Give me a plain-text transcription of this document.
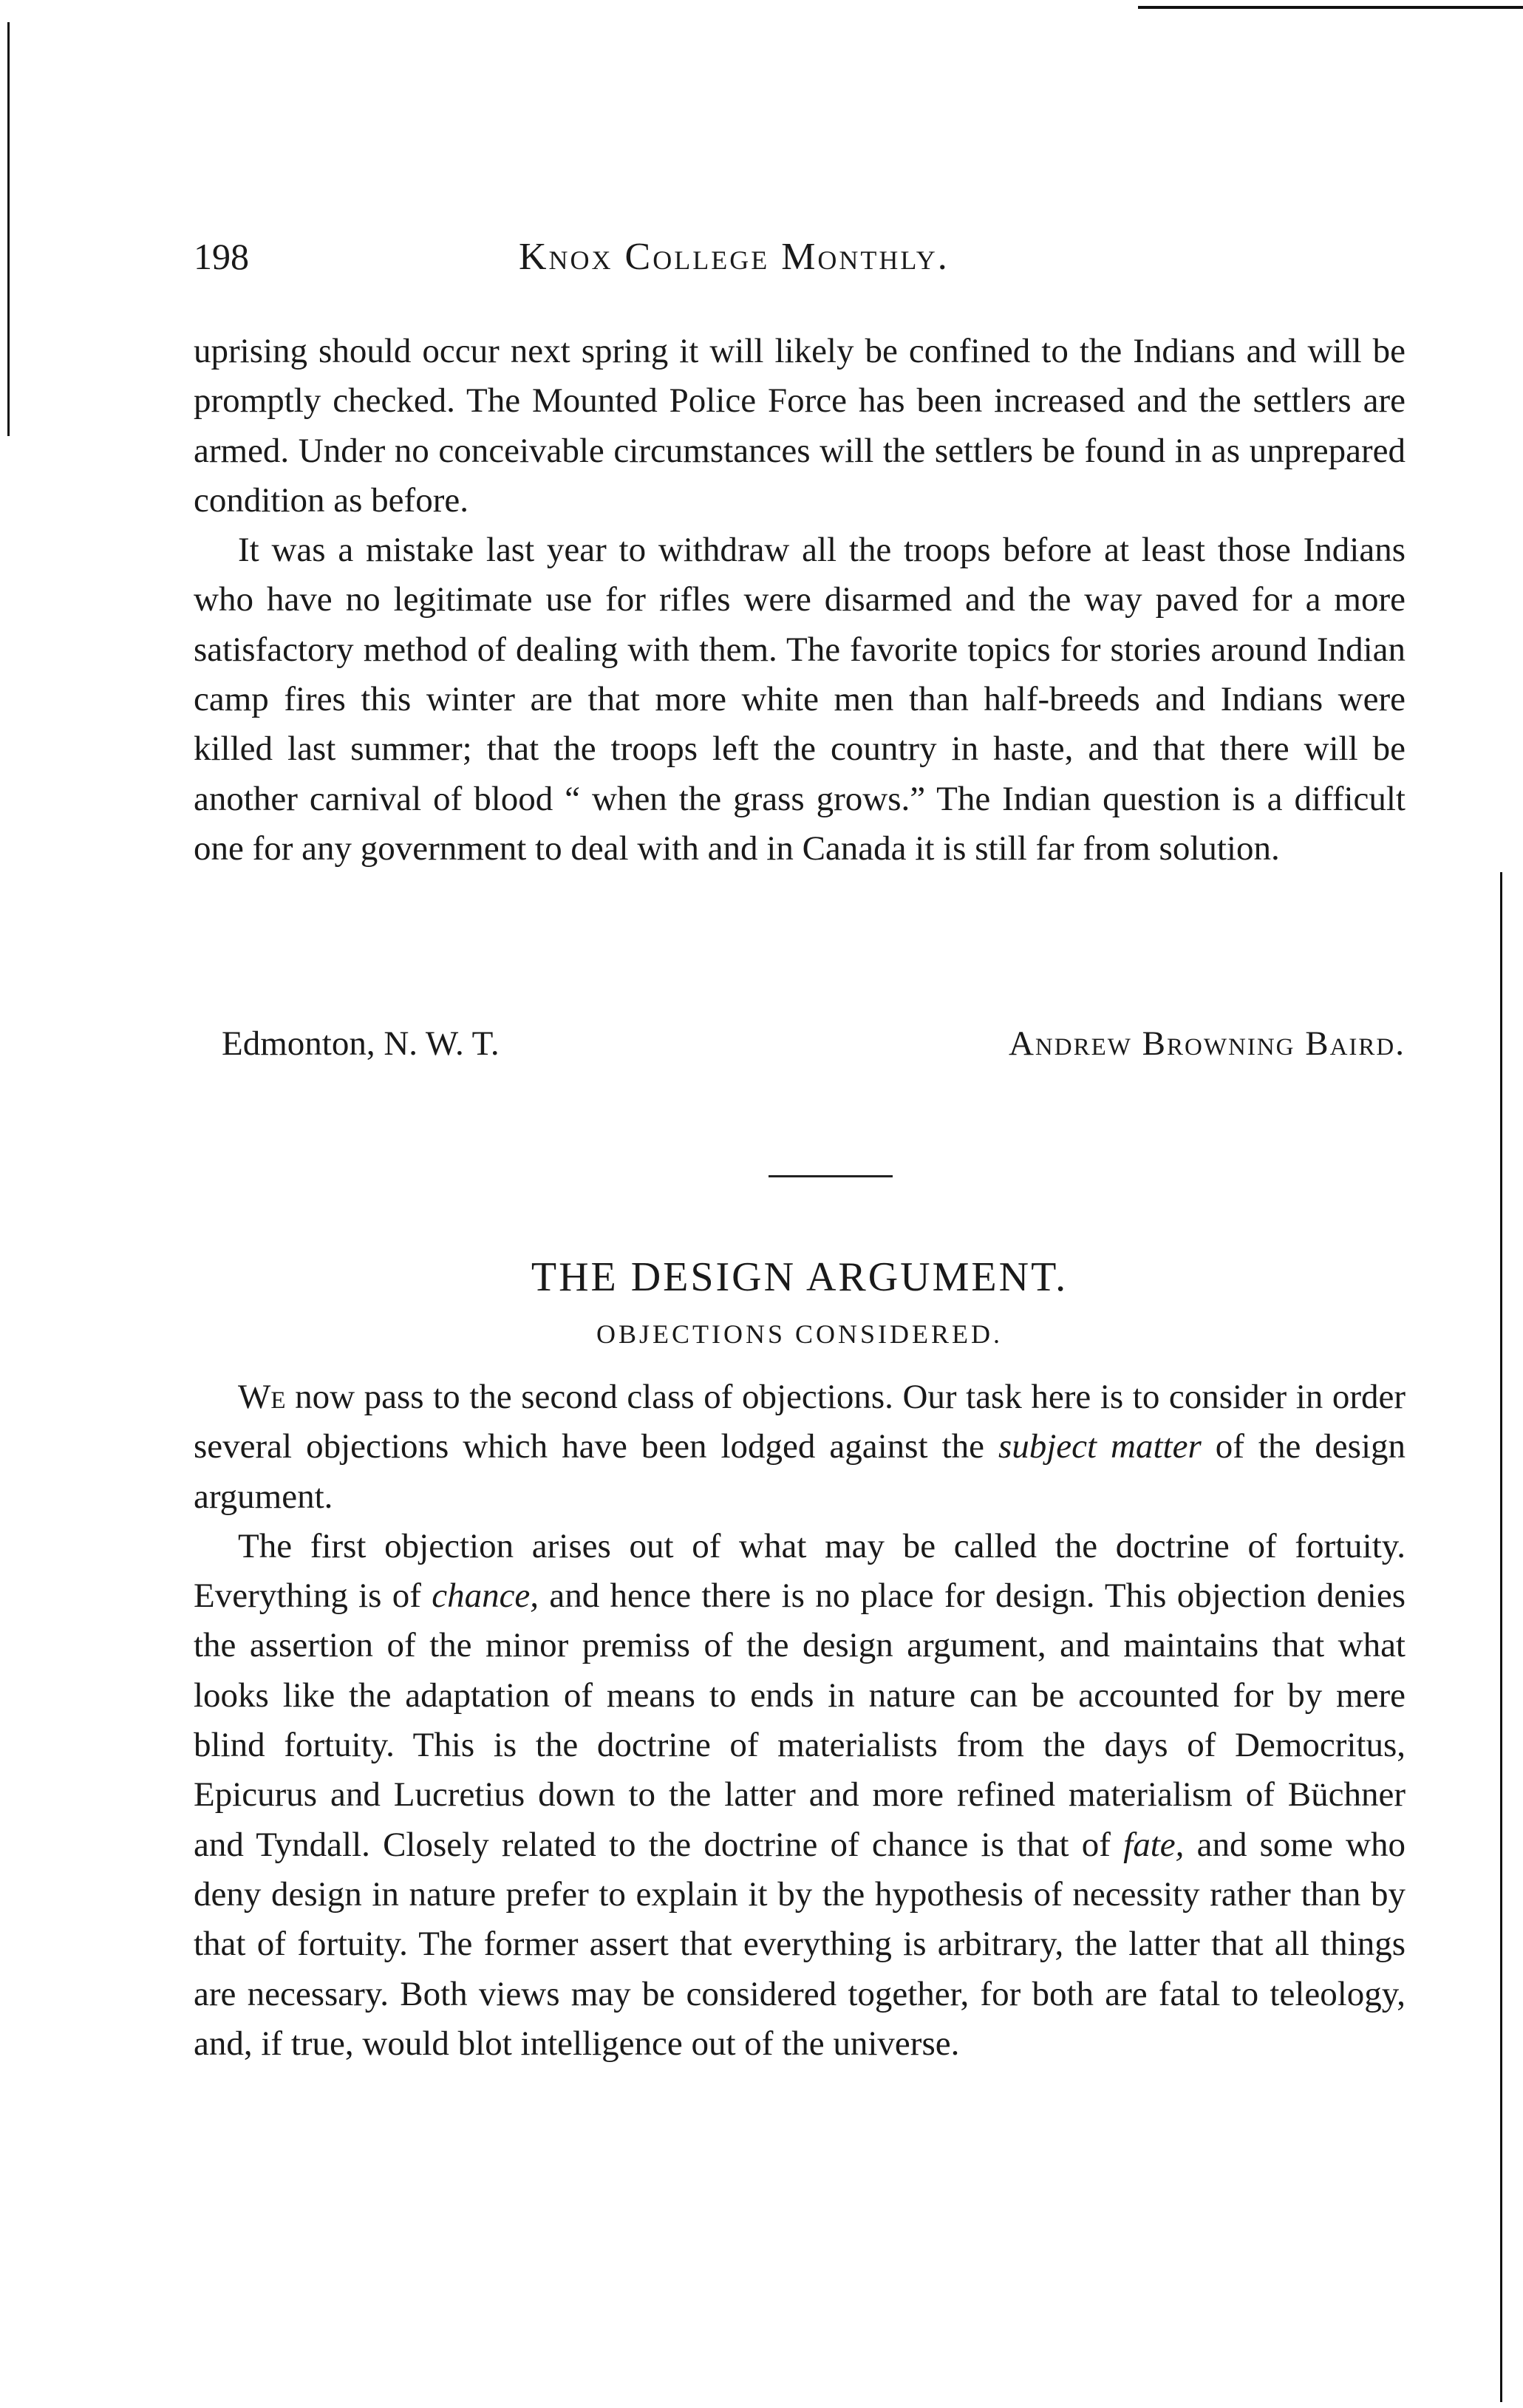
198	Knox College Monthly.

uprising should occur next spring it will likely be confined to the Indians and will be promptly checked. The Mounted Police Force has been increased and the settlers are armed. Under no conceivable circumstances will the settlers be found in as unprepared condition as before.

It was a mistake last year to withdraw all the troops before at least those Indians who have no legitimate use for rifles were disarmed and the way paved for a more satisfactory method of dealing with them. The favorite topics for stories around Indian camp fires this winter are that more white men than half-breeds and Indians were killed last summer; that the troops left the country in haste, and that there will be another carnival of blood “ when the grass grows.” The Indian question is a difficult one for any government to deal with and in Canada it is still far from solution.

Edmonton, N. W. T.	Andrew Browning Baird.
THE DESIGN ARGUMENT.
OBJECTIONS CONSIDERED.

We now pass to the second class of objections. Our task here is to consider in order several objections which have been lodged against the subject matter of the design argument.

The first objection arises out of what may be called the doctrine of fortuity. Everything is of chance, and hence there is no place for design. This objection denies the assertion of the minor premiss of the design argument, and maintains that what looks like the adaptation of means to ends in nature can be accounted for by mere blind fortuity. This is the doctrine of materialists from the days of Democritus, Epicurus and Lucretius down to the latter and more refined materialism of Büchner and Tyndall. Closely related to the doctrine of chance is that of fate, and some who deny design in nature prefer to explain it by the hypothesis of necessity rather than by that of fortuity. The former assert that everything is arbitrary, the latter that all things are necessary. Both views may be considered together, for both are fatal to teleology, and, if true, would blot intelligence out of the universe.
